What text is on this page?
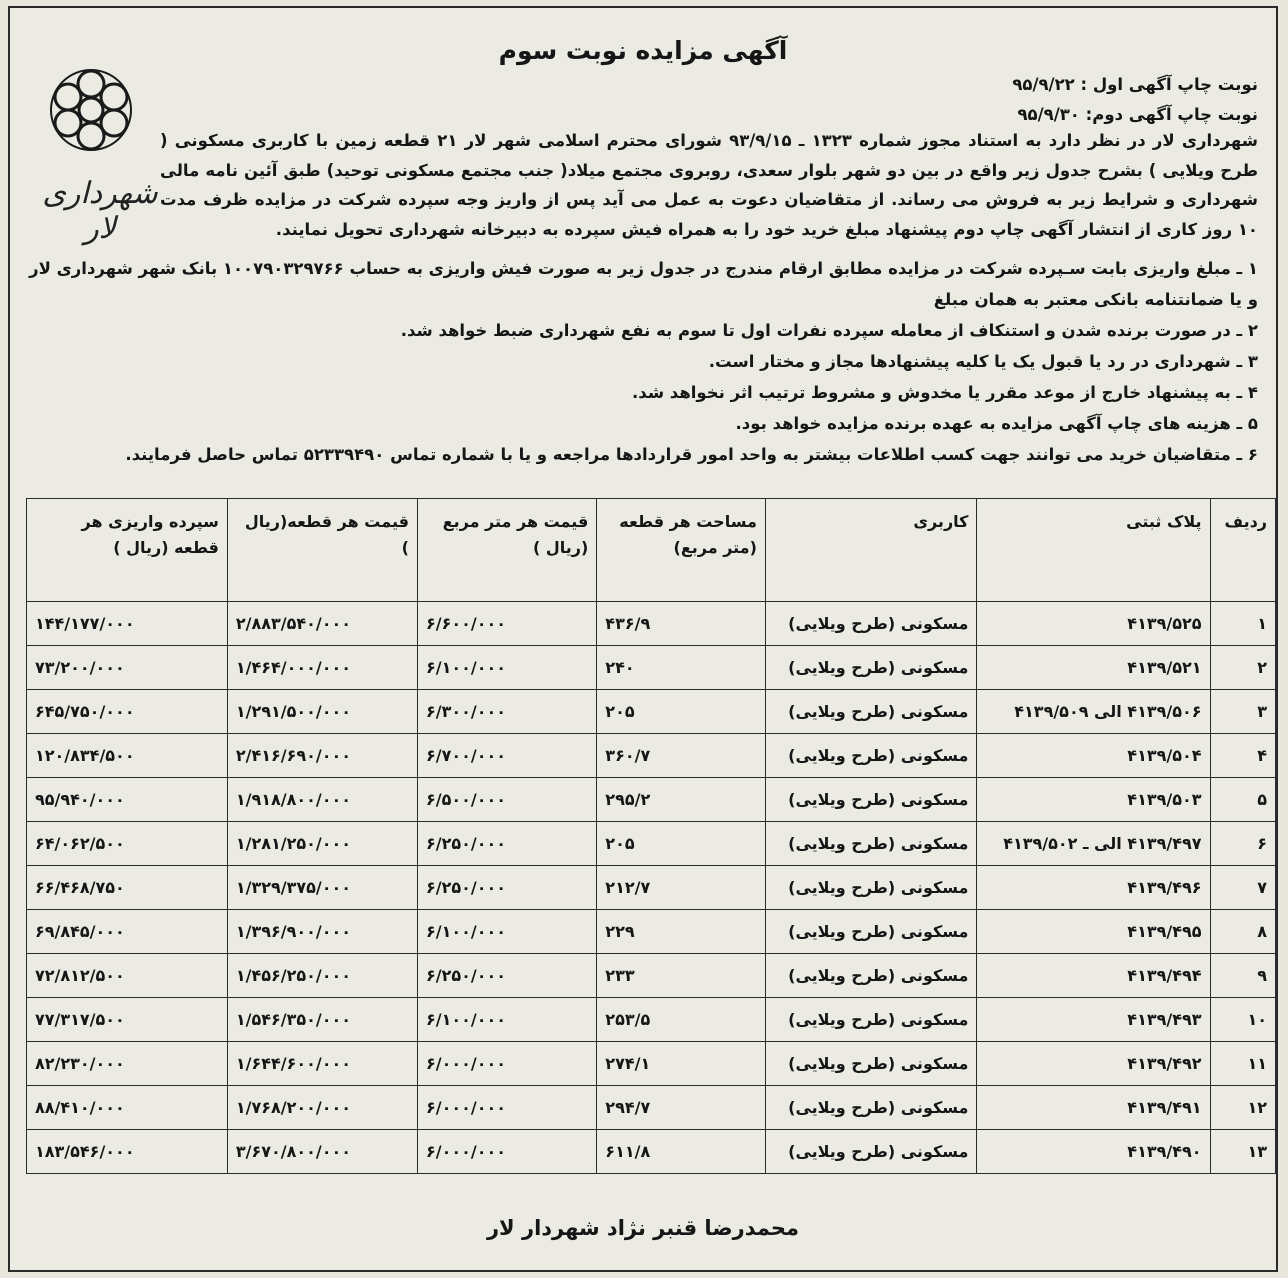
آگهی مزایده نوبت سوم
شهرداری لار
نوبت چاپ آگهی اول : ۹۵/۹/۲۲
نوبت چاپ آگهی دوم: ۹۵/۹/۳۰
شهرداری لار در نظر دارد به استناد مجوز شماره ۱۳۲۳ ـ ۹۳/۹/۱۵ شورای محترم اسلامی شهر لار ۲۱ قطعه زمین با کاربری مسکونی ( طرح ویلایی ) بشرح جدول زیر واقع در بین دو شهر بلوار سعدی، روبروی مجتمع میلاد( جنب مجتمع مسکونی توحید) طبق آئین نامه مالی شهرداری و شرایط زیر به فروش می رساند. از متقاضیان دعوت به عمل می آید پس از واریز وجه سپرده شرکت در مزایده ظرف مدت ۱۰ روز کاری از انتشار آگهی چاپ دوم پیشنهاد مبلغ خرید خود را به همراه فیش سپرده به دبیرخانه شهرداری تحویل نمایند.
۱ ـ مبلغ واریزی بابت سـپرده شرکت در مزایده مطابق ارقام مندرج در جدول زیر به صورت فیش واریزی به حساب ۱۰۰۷۹۰۳۲۹۷۶۶ بانک شهر شهرداری لار و یا ضمانتنامه بانکی معتبر به همان مبلغ
۲ ـ در صورت برنده شدن و استنکاف از معامله سپرده نفرات اول تا سوم به نفع شهرداری ضبط خواهد شد.
۳ ـ شهرداری در رد یا قبول یک یا کلیه پیشنهادها مجاز و مختار است.
۴ ـ به پیشنهاد خارج از موعد مقرر یا مخدوش و مشروط ترتیب اثر نخواهد شد.
۵ ـ هزینه های چاپ آگهی مزایده به عهده برنده مزایده خواهد بود.
۶ ـ متقاضیان خرید می توانند جهت کسب اطلاعات بیشتر به واحد امور قراردادها مراجعه و یا با شماره تماس ۵۲۳۳۹۴۹۰ تماس حاصل فرمایند.
ردیف	پلاک ثبتی	کاربری	مساحت هر قطعه (متر مربع)	قیمت هر متر مربع (ریال )	قیمت هر قطعه(ریال )	سپرده واریزی هر قطعه (ریال )
۱	۴۱۳۹/۵۲۵	مسکونی (طرح ویلایی)	۴۳۶/۹	۶/۶۰۰/۰۰۰	۲/۸۸۳/۵۴۰/۰۰۰	۱۴۴/۱۷۷/۰۰۰
۲	۴۱۳۹/۵۲۱	مسکونی (طرح ویلایی)	۲۴۰	۶/۱۰۰/۰۰۰	۱/۴۶۴/۰۰۰/۰۰۰	۷۳/۲۰۰/۰۰۰
۳	۴۱۳۹/۵۰۶ الی ۴۱۳۹/۵۰۹	مسکونی (طرح ویلایی)	۲۰۵	۶/۳۰۰/۰۰۰	۱/۲۹۱/۵۰۰/۰۰۰	۶۴۵/۷۵۰/۰۰۰
۴	۴۱۳۹/۵۰۴	مسکونی (طرح ویلایی)	۳۶۰/۷	۶/۷۰۰/۰۰۰	۲/۴۱۶/۶۹۰/۰۰۰	۱۲۰/۸۳۴/۵۰۰
۵	۴۱۳۹/۵۰۳	مسکونی (طرح ویلایی)	۲۹۵/۲	۶/۵۰۰/۰۰۰	۱/۹۱۸/۸۰۰/۰۰۰	۹۵/۹۴۰/۰۰۰
۶	۴۱۳۹/۴۹۷ الی ـ ۴۱۳۹/۵۰۲	مسکونی (طرح ویلایی)	۲۰۵	۶/۲۵۰/۰۰۰	۱/۲۸۱/۲۵۰/۰۰۰	۶۴/۰۶۲/۵۰۰
۷	۴۱۳۹/۴۹۶	مسکونی (طرح ویلایی)	۲۱۲/۷	۶/۲۵۰/۰۰۰	۱/۳۲۹/۳۷۵/۰۰۰	۶۶/۴۶۸/۷۵۰
۸	۴۱۳۹/۴۹۵	مسکونی (طرح ویلایی)	۲۲۹	۶/۱۰۰/۰۰۰	۱/۳۹۶/۹۰۰/۰۰۰	۶۹/۸۴۵/۰۰۰
۹	۴۱۳۹/۴۹۴	مسکونی (طرح ویلایی)	۲۳۳	۶/۲۵۰/۰۰۰	۱/۴۵۶/۲۵۰/۰۰۰	۷۲/۸۱۲/۵۰۰
۱۰	۴۱۳۹/۴۹۳	مسکونی (طرح ویلایی)	۲۵۳/۵	۶/۱۰۰/۰۰۰	۱/۵۴۶/۳۵۰/۰۰۰	۷۷/۳۱۷/۵۰۰
۱۱	۴۱۳۹/۴۹۲	مسکونی (طرح ویلایی)	۲۷۴/۱	۶/۰۰۰/۰۰۰	۱/۶۴۴/۶۰۰/۰۰۰	۸۲/۲۳۰/۰۰۰
۱۲	۴۱۳۹/۴۹۱	مسکونی (طرح ویلایی)	۲۹۴/۷	۶/۰۰۰/۰۰۰	۱/۷۶۸/۲۰۰/۰۰۰	۸۸/۴۱۰/۰۰۰
۱۳	۴۱۳۹/۴۹۰	مسکونی (طرح ویلایی)	۶۱۱/۸	۶/۰۰۰/۰۰۰	۳/۶۷۰/۸۰۰/۰۰۰	۱۸۳/۵۴۶/۰۰۰
محمدرضا قنبر نژاد شهردار لار
